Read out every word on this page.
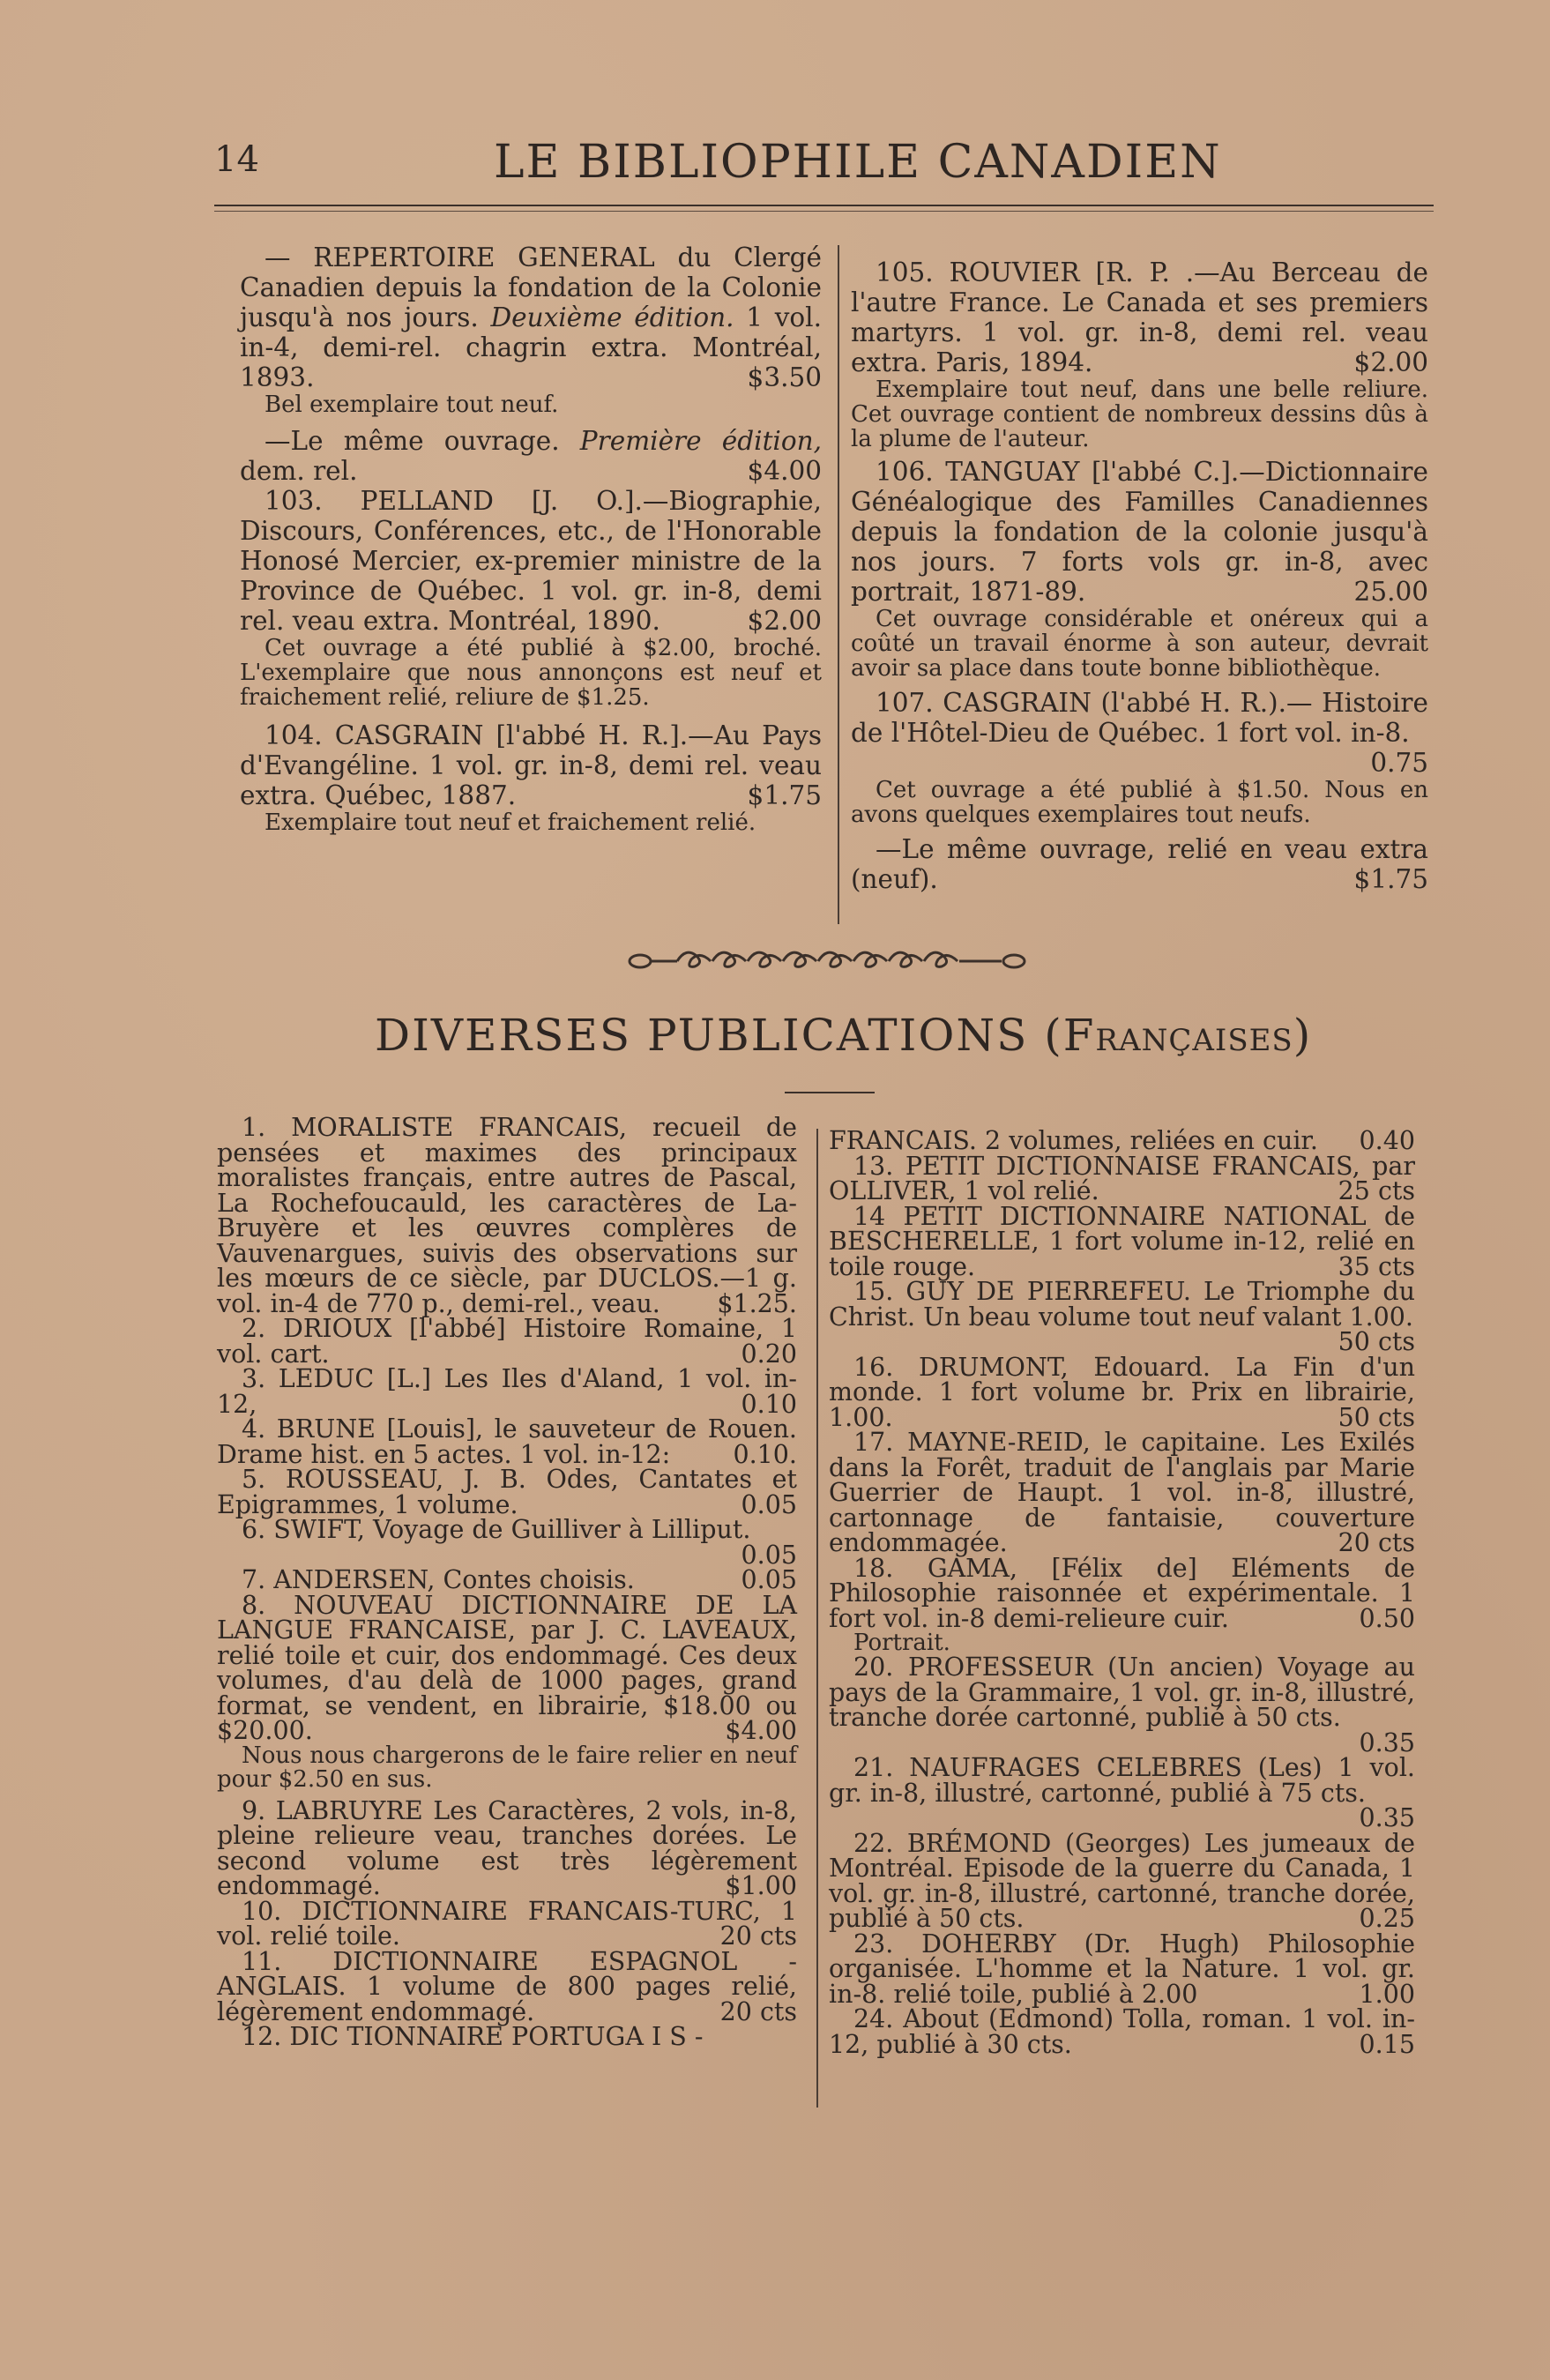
14	LE BIBLIOPHILE CANADIEN

— REPERTOIRE GENERAL du Clergé Canadien depuis la fondation de la Colonie jusqu'à nos jours. Deuxième édition. 1 vol. in-4, demi-rel. chagrin extra. Montréal, 1893.	$3.50

Bel exemplaire tout neuf.

—Le même ouvrage. Première édition, dem. rel.	$4.00

103. PELLAND [J. O.].—Biographie, Discours, Conférences, etc., de l'Honorable Honosé Mercier, ex-premier ministre de la Province de Québec. 1 vol. gr. in-8, demi rel. veau extra. Montréal, 1890.	$2.00

Cet ouvrage a été publié à $2.00, broché. L'exemplaire que nous annonçons est neuf et fraichement relié, reliure de $1.25.

104. CASGRAIN [l'abbé H. R.].—Au Pays d'Evangéline. 1 vol. gr. in-8, demi rel. veau extra. Québec, 1887.	$1.75

Exemplaire tout neuf et fraichement relié.

105. ROUVIER [R. P. .—Au Berceau de l'autre France. Le Canada et ses premiers martyrs. 1 vol. gr. in-8, demi rel. veau extra. Paris, 1894.	$2.00

Exemplaire tout neuf, dans une belle reliure. Cet ouvrage contient de nombreux dessins dûs à la plume de l'auteur.

106. TANGUAY [l'abbé C.].—Dictionnaire Généalogique des Familles Canadiennes depuis la fondation de la colonie jusqu'à nos jours. 7 forts vols gr. in-8, avec portrait, 1871-89.	25.00

Cet ouvrage considérable et onéreux qui a coûté un travail énorme à son auteur, devrait avoir sa place dans toute bonne bibliothèque.

107. CASGRAIN (l'abbé H. R.).— Histoire de l'Hôtel-Dieu de Québec. 1 fort vol. in-8.
0.75

Cet ouvrage a été publié à $1.50. Nous en avons quelques exemplaires tout neufs.

—Le même ouvrage, relié en veau extra (neuf).	$1.75

DIVERSES PUBLICATIONS (FRANÇAISES)

1. MORALISTE FRANCAIS, recueil de pensées et maximes des principaux moralistes français, entre autres de Pascal, La Rochefoucauld, les caractères de La-Bruyère et les œuvres complères de Vauvenargues, suivis des observations sur les mœurs de ce siècle, par DUCLOS.—1 g. vol. in-4 de 770 p., demi-rel., veau.	$1.25.

2. DRIOUX [l'abbé] Histoire Romaine, 1 vol. cart.	0.20

3. LEDUC [L.] Les Iles d'Aland, 1 vol. in-12,	0.10

4. BRUNE [Louis], le sauveteur de Rouen. Drame hist. en 5 actes. 1 vol. in-12:	0.10.

5. ROUSSEAU, J. B. Odes, Cantates et Epigrammes, 1 volume.	0.05

6. SWIFT, Voyage de Guilliver à Lilliput.
0.05

7. ANDERSEN, Contes choisis.	0.05

8. NOUVEAU DICTIONNAIRE DE LA LANGUE FRANCAISE, par J. C. LAVEAUX, relié toile et cuir, dos endommagé. Ces deux volumes, d'au delà de 1000 pages, grand format, se vendent, en librairie, $18.00 ou $20.00.	$4.00

Nous nous chargerons de le faire relier en neuf pour $2.50 en sus.

9. LABRUYRE Les Caractères, 2 vols, in-8, pleine relieure veau, tranches dorées. Le second volume est très légèrement endommagé.	$1.00

10. DICTIONNAIRE FRANCAIS-TURC, 1 vol. relié toile.	20 cts

11. DICTIONNAIRE ESPAGNOL - ANGLAIS. 1 volume de 800 pages relié, légèrement endommagé.	20 cts

12. DIC TIONNAIRE PORTUGA I S -

FRANCAIS. 2 volumes, reliées en cuir. 0.40

13. PETIT DICTIONNAISE FRANCAIS, par OLLIVER, 1 vol relié.	25 cts

14 PETIT DICTIONNAIRE NATIONAL de BESCHERELLE, 1 fort volume in-12, relié en toile rouge.	35 cts

15. GUY DE PIERREFEU. Le Triomphe du Christ. Un beau volume tout neuf valant 1.00.
50 cts

16. DRUMONT, Edouard. La Fin d'un monde. 1 fort volume br. Prix en librairie, 1.00.	50 cts

17. MAYNE-REID, le capitaine. Les Exilés dans la Forêt, traduit de l'anglais par Marie Guerrier de Haupt. 1 vol. in-8, illustré, cartonnage de fantaisie, couverture endommagée.	20 cts

18. GAMA, [Félix de] Eléments de Philosophie raisonnée et expérimentale. 1 fort vol. in-8 demi-relieure cuir.	0.50

Portrait.

20. PROFESSEUR (Un ancien) Voyage au pays de la Grammaire, 1 vol. gr. in-8, illustré, tranche dorée cartonné, publié à 50 cts.
0.35

21. NAUFRAGES CELEBRES (Les) 1 vol. gr. in-8, illustré, cartonné, publié à 75 cts.
0.35

22. BRÉMOND (Georges) Les jumeaux de Montréal. Episode de la guerre du Canada, 1 vol. gr. in-8, illustré, cartonné, tranche dorée, publié à 50 cts.	0.25

23. DOHERBY (Dr. Hugh) Philosophie organisée. L'homme et la Nature. 1 vol. gr. in-8. relié toile, publié à 2.00	1.00

24. About (Edmond) Tolla, roman. 1 vol. in-12, publié à 30 cts.	0.15
